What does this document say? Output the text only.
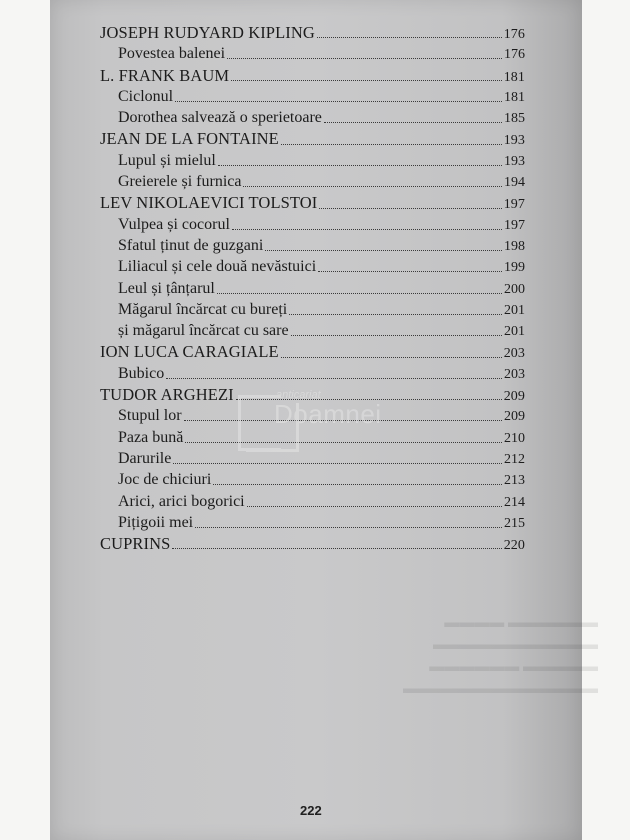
▬▬▬▬▬▬ ▬▬▬▬
▬▬▬▬▬▬▬▬▬▬▬
▬▬▬▬▬ ▬▬▬▬▬▬
▬▬▬▬▬▬▬▬▬▬▬▬▬
JOSEPH RUDYARD KIPLING	176
Povestea balenei	176
L. FRANK BAUM	181
Ciclonul	181
Dorothea salvează o sperietoare	185
JEAN DE LA FONTAINE	193
Lupul și mielul	193
Greierele și furnica	194
LEV NIKOLAEVICI TOLSTOI	197
Vulpea și cocorul	197
Sfatul ținut de guzgani	198
Liliacul și cele două nevăstuici	199
Leul și țânțarul	200
Măgarul încărcat cu bureți	201
și măgarul încărcat cu sare	201
ION LUCA CARAGIALE	203
Bubico	203
TUDOR ARGHEZI	209
Stupul lor	209
Paza bună	210
Darurile	212
Joc de chiciuri	213
Arici, arici bogorici	214
Pițigoii mei	215
CUPRINS	220
anticariat
Doamnei
222
